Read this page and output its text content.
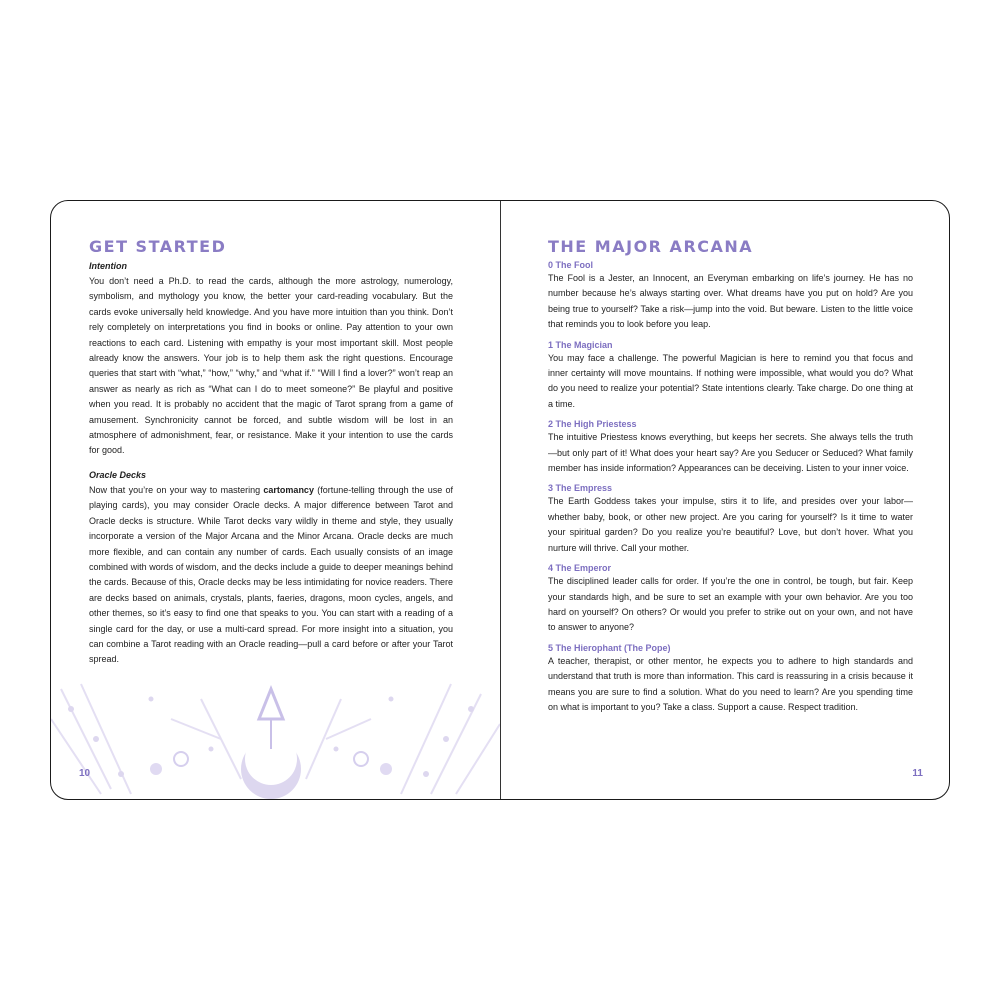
GET STARTED

Intention

You don’t need a Ph.D. to read the cards, although the more astrology, numerology, symbolism, and mythology you know, the better your card-reading vocabulary. But the cards evoke universally held knowledge. And you have more intuition than you think. Don’t rely completely on interpretations you find in books or online. Pay attention to your own reactions to each card. Listening with empathy is your most important skill. Most people already know the answers. Your job is to help them ask the right questions. Encourage queries that start with “what,” “how,” “why,” and “what if.” “Will I find a lover?” won’t reap an answer as nearly as rich as “What can I do to meet someone?” Be playful and positive when you read. It is probably no accident that the magic of Tarot sprang from a game of amusement. Synchronicity cannot be forced, and subtle wisdom will be lost in an atmosphere of admonishment, fear, or resistance. Make it your intention to use the cards for good.

Oracle Decks

Now that you’re on your way to mastering cartomancy (fortune-telling through the use of playing cards), you may consider Oracle decks. A major difference between Tarot and Oracle decks is structure. While Tarot decks vary wildly in theme and style, they usually incorporate a version of the Major Arcana and the Minor Arcana. Oracle decks are much more flexible, and can contain any number of cards. Each usually consists of an image combined with words of wisdom, and the decks include a guide to deeper meanings behind the cards. Because of this, Oracle decks may be less intimidating for novice readers. There are decks based on animals, crystals, plants, faeries, dragons, moon cycles, angels, and other themes, so it’s easy to find one that speaks to you. You can start with a reading of a single card for the day, or use a multi-card spread. For more insight into a situation, you can combine a Tarot reading with an Oracle reading—pull a card before or after your Tarot spread.

10
THE MAJOR ARCANA

0 The Fool

The Fool is a Jester, an Innocent, an Everyman embarking on life’s journey. He has no number because he’s always starting over. What dreams have you put on hold? Are you being true to yourself? Take a risk—jump into the void. But beware. Listen to the little voice that reminds you to look before you leap.

1 The Magician

You may face a challenge. The powerful Magician is here to remind you that focus and inner certainty will move mountains. If nothing were impossible, what would you do? What do you need to realize your potential? State intentions clearly. Take charge. Do one thing at a time.

2 The High Priestess

The intuitive Priestess knows everything, but keeps her secrets. She always tells the truth—but only part of it! What does your heart say? Are you Seducer or Seduced? What family member has inside information? Appearances can be deceiving. Listen to your inner voice.

3 The Empress

The Earth Goddess takes your impulse, stirs it to life, and presides over your labor—whether baby, book, or other new project. Are you caring for yourself? Is it time to water your spiritual garden? Do you realize you’re beautiful? Love, but don’t hover. What you nurture will thrive. Call your mother.

4 The Emperor

The disciplined leader calls for order. If you’re the one in control, be tough, but fair. Keep your standards high, and be sure to set an example with your own behavior. Are you too hard on yourself? On others? Or would you prefer to strike out on your own, and not have to answer to anyone?

5 The Hierophant (The Pope)

A teacher, therapist, or other mentor, he expects you to adhere to high standards and understand that truth is more than information. This card is reassuring in a crisis because it means you are sure to find a solution. What do you need to learn? Are you spending time on what is important to you? Take a class. Support a cause. Respect tradition.

11
